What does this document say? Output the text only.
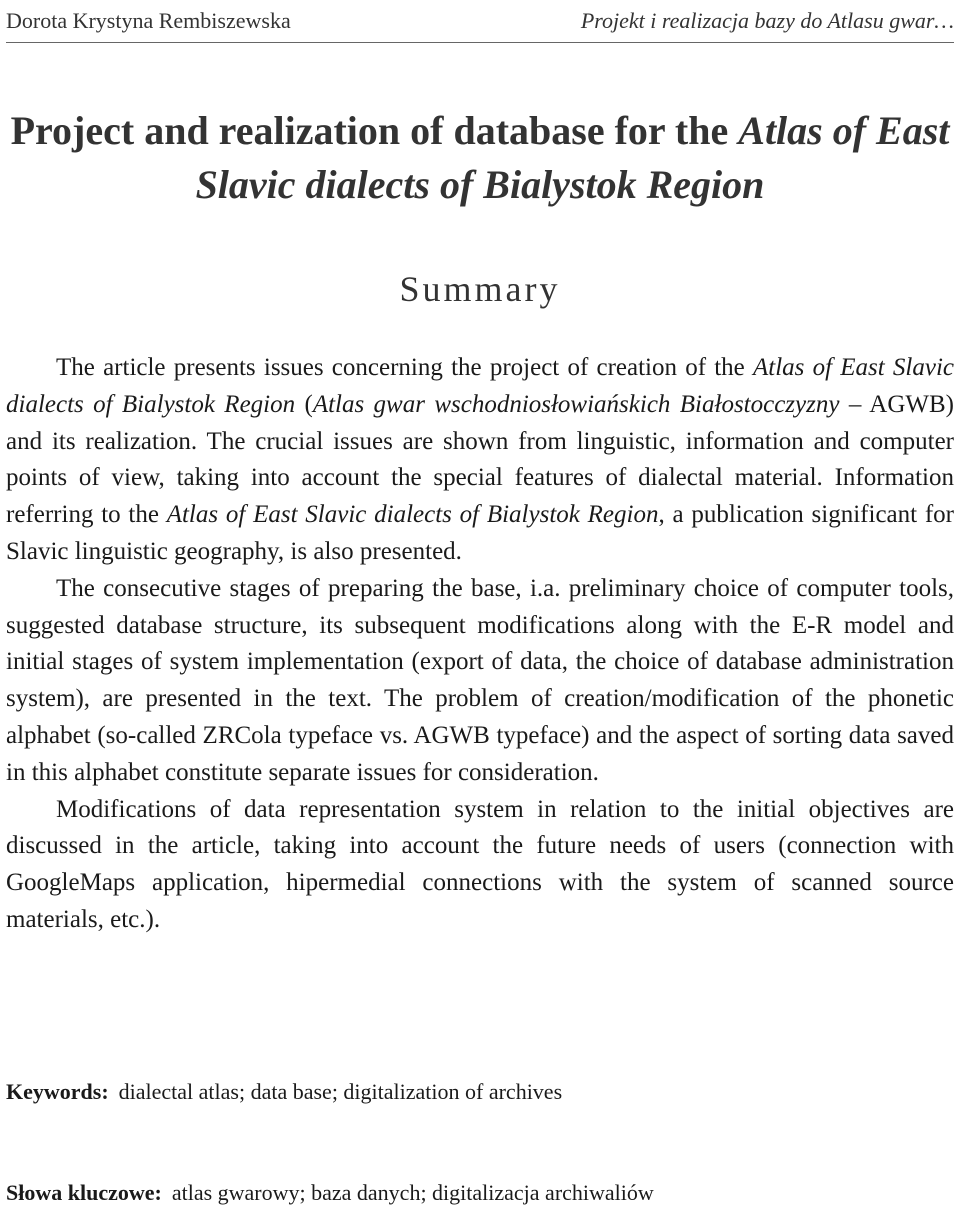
Dorota Krystyna Rembiszewska	Projekt i realizacja bazy do Atlasu gwar…
Project and realization of database for the Atlas of East Slavic dialects of Bialystok Region
Summary

The article presents issues concerning the project of creation of the Atlas of East Slavic dialects of Bialystok Region (Atlas gwar wschodniosłowiańskich Białostocczyzny – AGWB) and its realization. The crucial issues are shown from linguistic, information and computer points of view, taking into account the special features of dialectal material. Information referring to the Atlas of East Slavic dialects of Bialystok Region, a publication significant for Slavic linguistic geography, is also presented.

The consecutive stages of preparing the base, i.a. preliminary choice of computer tools, suggested database structure, its subsequent modifications along with the E-R model and initial stages of system implementation (export of data, the choice of database administration system), are presented in the text. The problem of creation/modification of the phonetic alphabet (so-called ZRCola typeface vs. AGWB typeface) and the aspect of sorting data saved in this alphabet constitute separate issues for consideration.

Modifications of data representation system in relation to the initial objectives are discussed in the article, taking into account the future needs of users (connection with GoogleMaps application, hipermedial connections with the system of scanned source materials, etc.).

Keywords: dialectal atlas; data base; digitalization of archives
Słowa kluczowe: atlas gwarowy; baza danych; digitalizacja archiwaliów
